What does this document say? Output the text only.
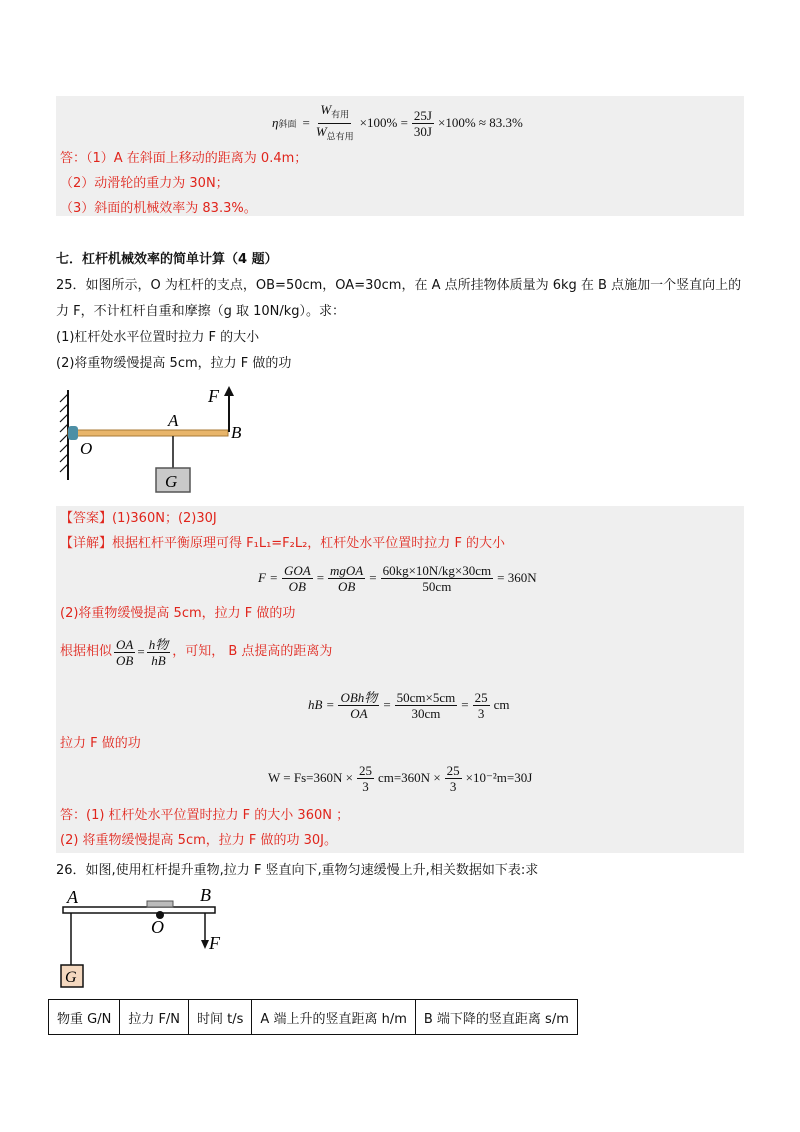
η 斜面 = $\frac{W_{有用}}{W_{总有用}} \times 100\% = \frac{25J}{30J} \times 100\% \approx 83.3\%$
答：（1）A 在斜面上移动的距离为 0.4m；
（2）动滑轮的重力为 30N；
（3）斜面的机械效率为 83.3%。
七．杠杆机械效率的简单计算（4 题）
25．如图所示，O 为杠杆的支点，OB=50cm，OA=30cm，在 A 点所挂物体质量为 6kg 在 B 点施加一个竖直向上的
力 F，不计杠杆自重和摩擦（g 取 10N/kg）。求：
(1)杠杆处水平位置时拉力 F 的大小
(2)将重物缓慢提高 5cm，拉力 F 做的功
F
A
B
O
G
【答案】(1)360N；(2)30J
【详解】根据杠杆平衡原理可得 F₁L₁=F₂L₂，杠杆处水平位置时拉力 F 的大小
$F = \frac{\text{GOA}}{OB} = \frac{\text{mgOA}}{OB} = \frac{60kg\times 10N/kg\times 30cm}{50cm} = 360N$
(2)将重物缓慢提高 5cm，拉力 F 做的功
根据相似 $\frac{OA}{OB} = \frac{\text{h物}}{hB}$ ，可知， B 点提高的距离为
hB = $\frac{\text{OBh物}}{OA} = \frac{50cm\times 5cm}{30cm} = \frac{25}{3}$ cm
拉力 F 做的功
$W = Fs=360N \times \frac{25}{3} cm=360N \times \frac{25}{3} \times 10^{-2}m=30J$
答：(1) 杠杆处水平位置时拉力 F 的大小 360N ；
(2) 将重物缓慢提高 5cm，拉力 F 做的功 30J。
26．如图,使用杠杆提升重物,拉力 F 竖直向下,重物匀速缓慢上升,相关数据如下表:求
A	B
O
F
G
物重 G/N	拉力 F/N	时间 t/s	A 端上升的竖直距离 h/m	B 端下降的竖直距离 s/m
